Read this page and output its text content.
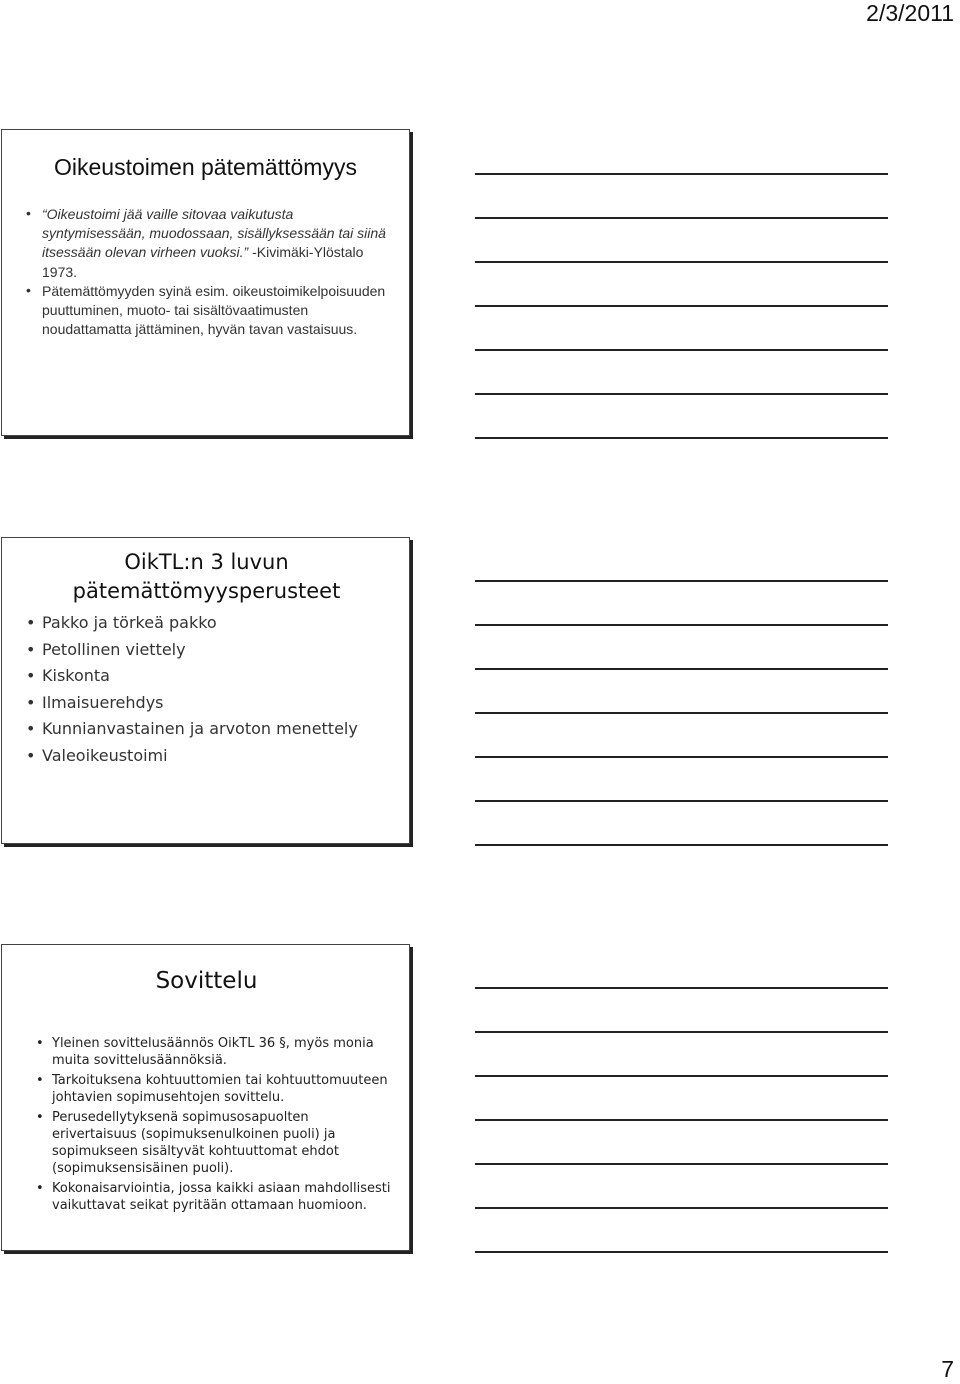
2/3/2011
Oikeustoimen pätemättömyys
• “Oikeustoimi jää vaille sitovaa vaikutusta syntymisessään, muodossaan, sisällyksessään tai siinä itsessään olevan virheen vuoksi.” -Kivimäki-Ylöstalo 1973.
• Pätemättömyyden syinä esim. oikeustoimikelpoisuuden puuttuminen, muoto- tai sisältövaatimusten noudattamatta jättäminen, hyvän tavan vastaisuus.
OikTL:n 3 luvun pätemättömyysperusteet
• Pakko ja törkeä pakko
• Petollinen viettely
• Kiskonta
• Ilmaisuerehdys
• Kunnianvastainen ja arvoton menettely
• Valeoikeustoimi
Sovittelu
• Yleinen sovittelusäännös OikTL 36 §, myös monia muita sovittelusäännöksiä.
• Tarkoituksena kohtuuttomien tai kohtuuttomuuteen johtavien sopimusehtojen sovittelu.
• Perusedellytyksenä sopimusosapuolten erivertaisuus (sopimuksenulkoinen puoli) ja sopimukseen sisältyvät kohtuuttomat ehdot (sopimuksensisäinen puoli).
• Kokonaisarviointia, jossa kaikki asiaan mahdollisesti vaikuttavat seikat pyritään ottamaan huomioon.
7
